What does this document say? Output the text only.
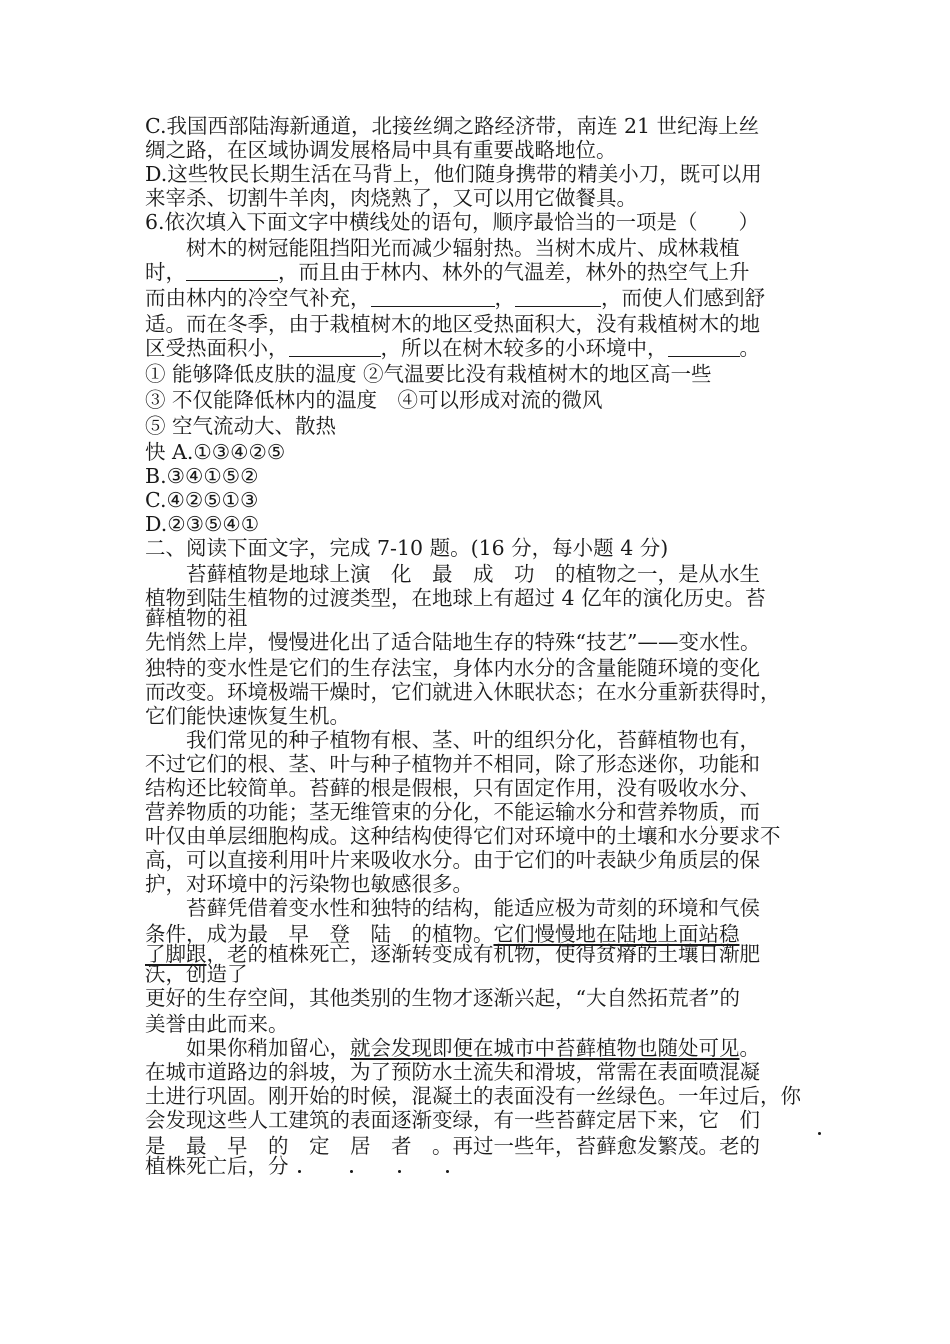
C.我国西部陆海新通道，北接丝绸之路经济带，南连 21 世纪海上丝
绸之路，在区域协调发展格局中具有重要战略地位。
D.这些牧民长期生活在马背上，他们随身携带的精美小刀，既可以用
来宰杀、切割牛羊肉，肉烧熟了，又可以用它做餐具。
6.依次填入下面文字中横线处的语句，顺序最恰当的一项是（　　）
　　树木的树冠能阻挡阳光而减少辐射热。当树木成片、成林栽植
时，	，而且由于林内、林外的气温差，林外的热空气上升
而由林内的冷空气补充，	，	，而使人们感到舒
适。而在冬季，由于栽植树木的地区受热面积大，没有栽植树木的地
区受热面积小，	，所以在树木较多的小环境中，	。
① 能够降低皮肤的温度 ②气温要比没有栽植树木的地区高一些
③ 不仅能降低林内的温度　④可以形成对流的微风
⑤ 空气流动大、散热
快 A.①③④②⑤
B.③④①⑤②
C.④②⑤①③
D.②③⑤④①
二、阅读下面文字，完成 7-10 题。(16 分，每小题 4 分)
　　苔藓植物是地球上演　化　最　成　功　的植物之一，是从水生
植物到陆生植物的过渡类型，在地球上有超过 4 亿年的演化历史。苔
藓植物的祖
先悄然上岸，慢慢进化出了适合陆地生存的特殊“技艺”——变水性。
独特的变水性是它们的生存法宝，身体内水分的含量能随环境的变化
而改变。环境极端干燥时，它们就进入休眠状态；在水分重新获得时，
它们能快速恢复生机。
　　我们常见的种子植物有根、茎、叶的组织分化，苔藓植物也有，
不过它们的根、茎、叶与种子植物并不相同，除了形态迷你，功能和
结构还比较简单。苔藓的根是假根，只有固定作用，没有吸收水分、
营养物质的功能；茎无维管束的分化，不能运输水分和营养物质，而
叶仅由单层细胞构成。这种结构使得它们对环境中的土壤和水分要求不
高，可以直接利用叶片来吸收水分。由于它们的叶表缺少角质层的保
护，对环境中的污染物也敏感很多。
　　苔藓凭借着变水性和独特的结构，能适应极为苛刻的环境和气侯
条件，成为最　早　登　陆　的植物。它们慢慢地在陆地上面站稳
了脚跟，老的植株死亡，逐渐转变成有机物，使得贫瘠的土壤日渐肥
沃，创造了
更好的生存空间，其他类别的生物才逐渐兴起，“大自然拓荒者”的
美誉由此而来。
　　如果你稍加留心，就会发现即便在城市中苔藓植物也随处可见。
在城市道路边的斜坡，为了预防水土流失和滑坡，常需在表面喷混凝
土进行巩固。刚开始的时候，混凝土的表面没有一丝绿色。一年过后，你
会发现这些人工建筑的表面逐渐变绿，有一些苔藓定居下来，它　们
是　最　早　的　定　居　者　。再过一些年，苔藓愈发繁茂。老的
植株死亡后，分
